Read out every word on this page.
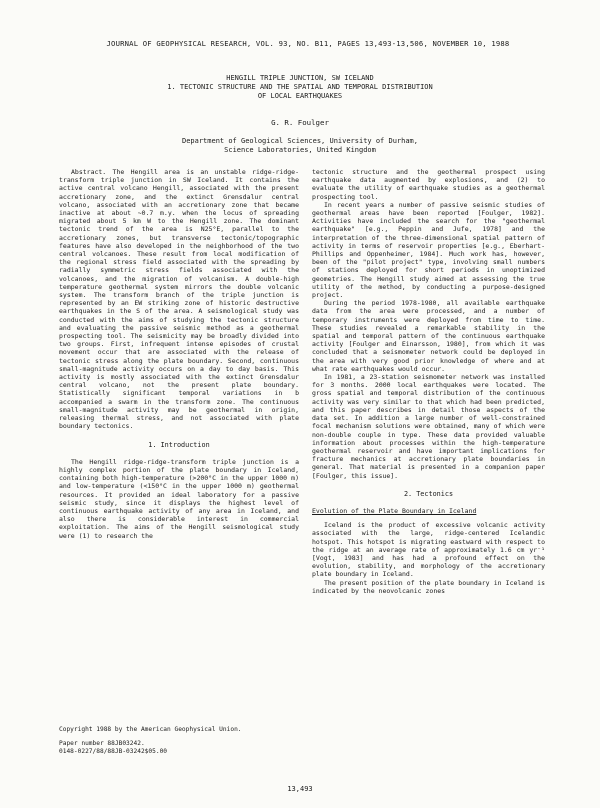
JOURNAL OF GEOPHYSICAL RESEARCH, VOL. 93, NO. B11, PAGES 13,493-13,506, NOVEMBER 10, 1988
HENGILL TRIPLE JUNCTION, SW ICELAND
1. TECTONIC STRUCTURE AND THE SPATIAL AND TEMPORAL DISTRIBUTION
OF LOCAL EARTHQUAKES
G. R. Foulger
Department of Geological Sciences, University of Durham,
Science Laboratories, United Kingdom

Abstract. The Hengill area is an unstable ridge-ridge-transform triple junction in SW Iceland. It contains the active central volcano Hengill, associated with the present accretionary zone, and the extinct Grensdalur central volcano, associated with an accretionary zone that became inactive at about ~0.7 m.y. when the locus of spreading migrated about 5 km W to the Hengill zone. The dominant tectonic trend of the area is N25°E, parallel to the accretionary zones, but transverse tectonic/topographic features have also developed in the neighborhood of the two central volcanoes. These result from local modification of the regional stress field associated with the spreading by radially symmetric stress fields associated with the volcanoes, and the migration of volcanism. A double-high temperature geothermal system mirrors the double volcanic system. The transform branch of the triple junction is represented by an EW striking zone of historic destructive earthquakes in the S of the area. A seismological study was conducted with the aims of studying the tectonic structure and evaluating the passive seismic method as a geothermal prospecting tool. The seismicity may be broadly divided into two groups. First, infrequent intense episodes of crustal movement occur that are associated with the release of tectonic stress along the plate boundary. Second, continuous small-magnitude activity occurs on a day to day basis. This activity is mostly associated with the extinct Grensdalur central volcano, not the present plate boundary. Statistically significant temporal variations in b accompanied a swarm in the transform zone. The continuous small-magnitude activity may be geothermal in origin, releasing thermal stress, and not associated with plate boundary tectonics.

1. Introduction

The Hengill ridge-ridge-transform triple junction is a highly complex portion of the plate boundary in Iceland, containing both high-temperature (>200°C in the upper 1000 m) and low-temperature (<150°C in the upper 1000 m) geothermal resources. It provided an ideal laboratory for a passive seismic study, since it displays the highest level of continuous earthquake activity of any area in Iceland, and also there is considerable interest in commercial exploitation. The aims of the Hengill seismological study were (1) to research the

tectonic structure and the geothermal prospect using earthquake data augmented by explosions, and (2) to evaluate the utility of earthquake studies as a geothermal prospecting tool.

In recent years a number of passive seismic studies of geothermal areas have been reported [Foulger, 1982]. Activities have included the search for the "geothermal earthquake" [e.g., Peppin and Jufe, 1978] and the interpretation of the three-dimensional spatial pattern of activity in terms of reservoir properties [e.g., Eberhart-Phillips and Oppenheimer, 1984]. Much work has, however, been of the "pilot project" type, involving small numbers of stations deployed for short periods in unoptimized geometries. The Hengill study aimed at assessing the true utility of the method, by conducting a purpose-designed project.

During the period 1978-1980, all available earthquake data from the area were processed, and a number of temporary instruments were deployed from time to time. These studies revealed a remarkable stability in the spatial and temporal pattern of the continuous earthquake activity [Foulger and Einarsson, 1980], from which it was concluded that a seismometer network could be deployed in the area with very good prior knowledge of where and at what rate earthquakes would occur.

In 1981, a 23-station seismometer network was installed for 3 months. 2000 local earthquakes were located. The gross spatial and temporal distribution of the continuous activity was very similar to that which had been predicted, and this paper describes in detail those aspects of the data set. In addition a large number of well-constrained focal mechanism solutions were obtained, many of which were non-double couple in type. These data provided valuable information about processes within the high-temperature geothermal reservoir and have important implications for fracture mechanics at accretionary plate boundaries in general. That material is presented in a companion paper [Foulger, this issue].

2. Tectonics
Evolution of the Plate Boundary in Iceland

Iceland is the product of excessive volcanic activity associated with the large, ridge-centered Icelandic hotspot. This hotspot is migrating eastward with respect to the ridge at an average rate of approximately 1.6 cm yr⁻¹ [Vogt, 1983] and has had a profound effect on the evolution, stability, and morphology of the accretionary plate boundary in Iceland.

The present position of the plate boundary in Iceland is indicated by the neovolcanic zones

Copyright 1988 by the American Geophysical Union.
Paper number 88JB03242.
0148-0227/88/88JB-03242$05.00
13,493
